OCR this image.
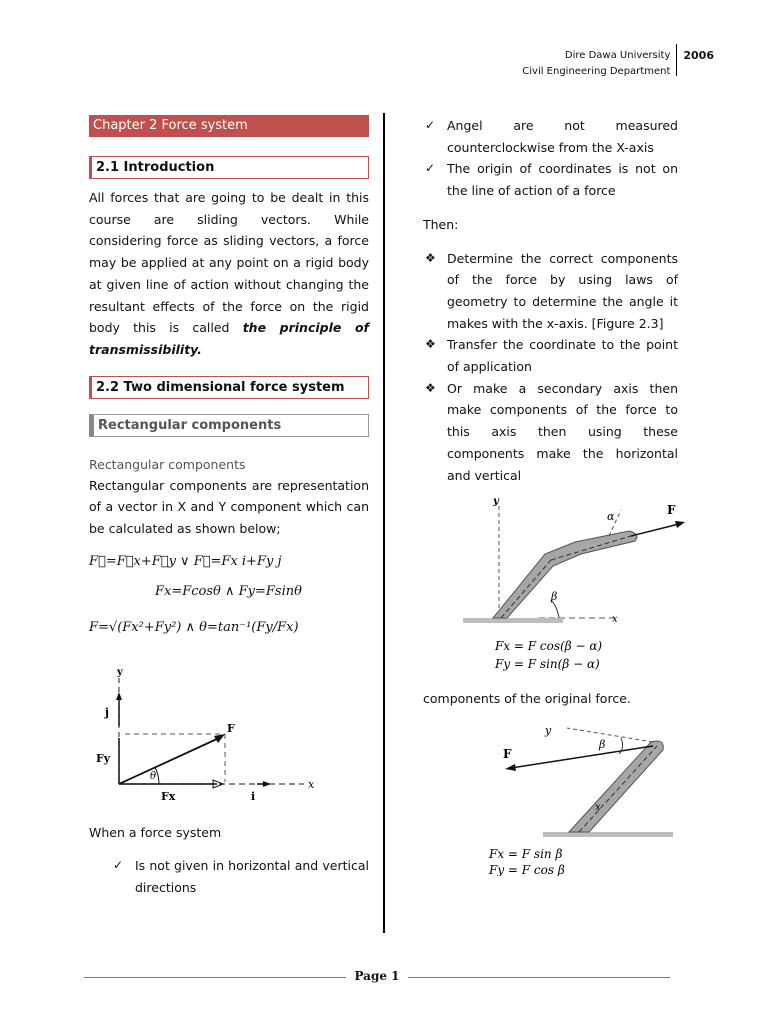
Dire Dawa University
Civil Engineering Department
2006
Chapter 2 Force system
2.1 Introduction

All forces that are going to be dealt in this course are sliding vectors. While considering force as sliding vectors, a force may be applied at any point on a rigid body at given line of action without changing the resultant effects of the force on the rigid body this is called the principle of transmissibility.

2.2 Two dimensional force system
Rectangular components
Rectangular components

Rectangular components are representation of a vector in X and Y component which can be calculated as shown below;

F⃗=F⃗x+F⃗y ∨ F⃗=Fx i+Fy j
Fx=Fcosθ ∧ Fy=Fsinθ
F=√(Fx²+Fy²) ∧ θ=tan⁻¹(Fy/Fx)
y
j
F
Fy
θ
Fx	i
x
When a force system
✓ Is not given in horizontal and vertical directions
✓ Angel are not measured counterclockwise from the X-axis
✓ The origin of coordinates is not on the line of action of a force
Then:
❖ Determine the correct components of the force by using laws of geometry to determine the angle it makes with the x-axis. [Figure 2.3]
❖ Transfer the coordinate to the point of application
❖ Or make a secondary axis then make components of the force to this axis then using these components make the horizontal and vertical
y
α	F
β
x
Fx = F cos(β − α)
Fy = F sin(β − α)
components of the original force.
y
β
F
x
Fx = F sin β
Fy = F cos β
Page 1
